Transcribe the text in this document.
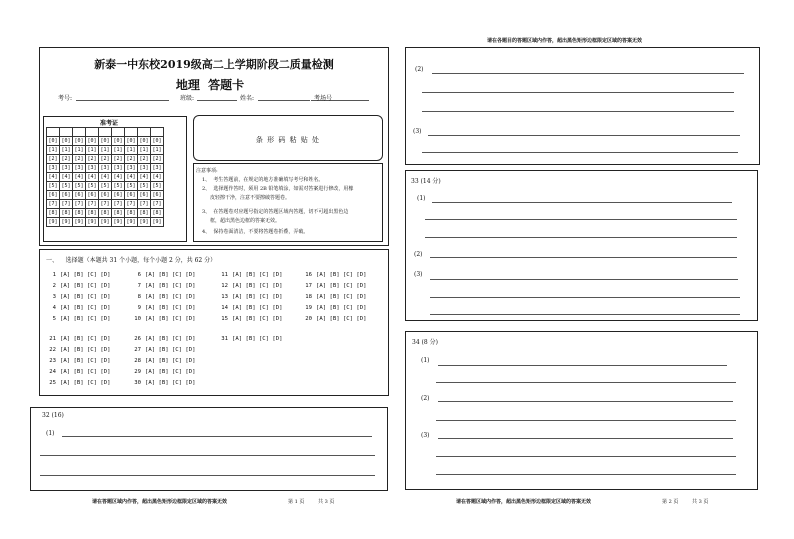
新泰一中东校2019级高二上学期阶段二质量检测
地理  答题卡
考号:	班级:	姓名:	考场号
准考证

[0]	[0]	[0]	[0]	[0]	[0]	[0]	[0]	[0]
[1]	[1]	[1]	[1]	[1]	[1]	[1]	[1]	[1]
[2]	[2]	[2]	[2]	[2]	[2]	[2]	[2]	[2]
[3]	[3]	[3]	[3]	[3]	[3]	[3]	[3]	[3]
[4]	[4]	[4]	[4]	[4]	[4]	[4]	[4]	[4]
[5]	[5]	[5]	[5]	[5]	[5]	[5]	[5]	[5]
[6]	[6]	[6]	[6]	[6]	[6]	[6]	[6]	[6]
[7]	[7]	[7]	[7]	[7]	[7]	[7]	[7]	[7]
[8]	[8]	[8]	[8]	[8]	[8]	[8]	[8]	[8]
[9]	[9]	[9]	[9]	[9]	[9]	[9]	[9]	[9]
条 形 码 粘 贴 处
注意事项:
1、  考生答题前，在规定的地方准确填写考号和姓名。
2、  选择题作答时，须用 2B 铅笔填涂，如需对答案进行修改，用橡
皮轻擦干净，注意不要擦破答题卷。
3、  在答题卷对应题号指定的答题区域内答题，切不可超出黑色边
框，超出黑色边框的答案无效。
4、  保持卷面清洁，不要将答题卷折叠，弄破。
一、    选择题（本题共 31 个小题，每个小题 2 分，共 62 分）
1 [A] [B] [C] [D]
2 [A] [B] [C] [D]
3 [A] [B] [C] [D]
4 [A] [B] [C] [D]
5 [A] [B] [C] [D]
6 [A] [B] [C] [D]
7 [A] [B] [C] [D]
8 [A] [B] [C] [D]
9 [A] [B] [C] [D]
10 [A] [B] [C] [D]
11 [A] [B] [C] [D]
12 [A] [B] [C] [D]
13 [A] [B] [C] [D]
14 [A] [B] [C] [D]
15 [A] [B] [C] [D]
16 [A] [B] [C] [D]
17 [A] [B] [C] [D]
18 [A] [B] [C] [D]
19 [A] [B] [C] [D]
20 [A] [B] [C] [D]
21 [A] [B] [C] [D]
22 [A] [B] [C] [D]
23 [A] [B] [C] [D]
24 [A] [B] [C] [D]
25 [A] [B] [C] [D]
26 [A] [B] [C] [D]
27 [A] [B] [C] [D]
28 [A] [B] [C] [D]
29 [A] [B] [C] [D]
30 [A] [B] [C] [D]
31 [A] [B] [C] [D]
32 (16)
(1)
请在答题区域内作答，超出黑色矩形边框限定区域的答案无效	第 1 页	共 3 页
请在各题目的答题区域内作答，超出黑色矩形边框限定区域的答案无效
(2)
(3)
33 (14 分)
(1)
(2)
(3)
34 (8 分)
(1)
(2)
(3)
请在答题区域内作答，超出黑色矩形边框限定区域的答案无效	第 2 页	共 3 页
